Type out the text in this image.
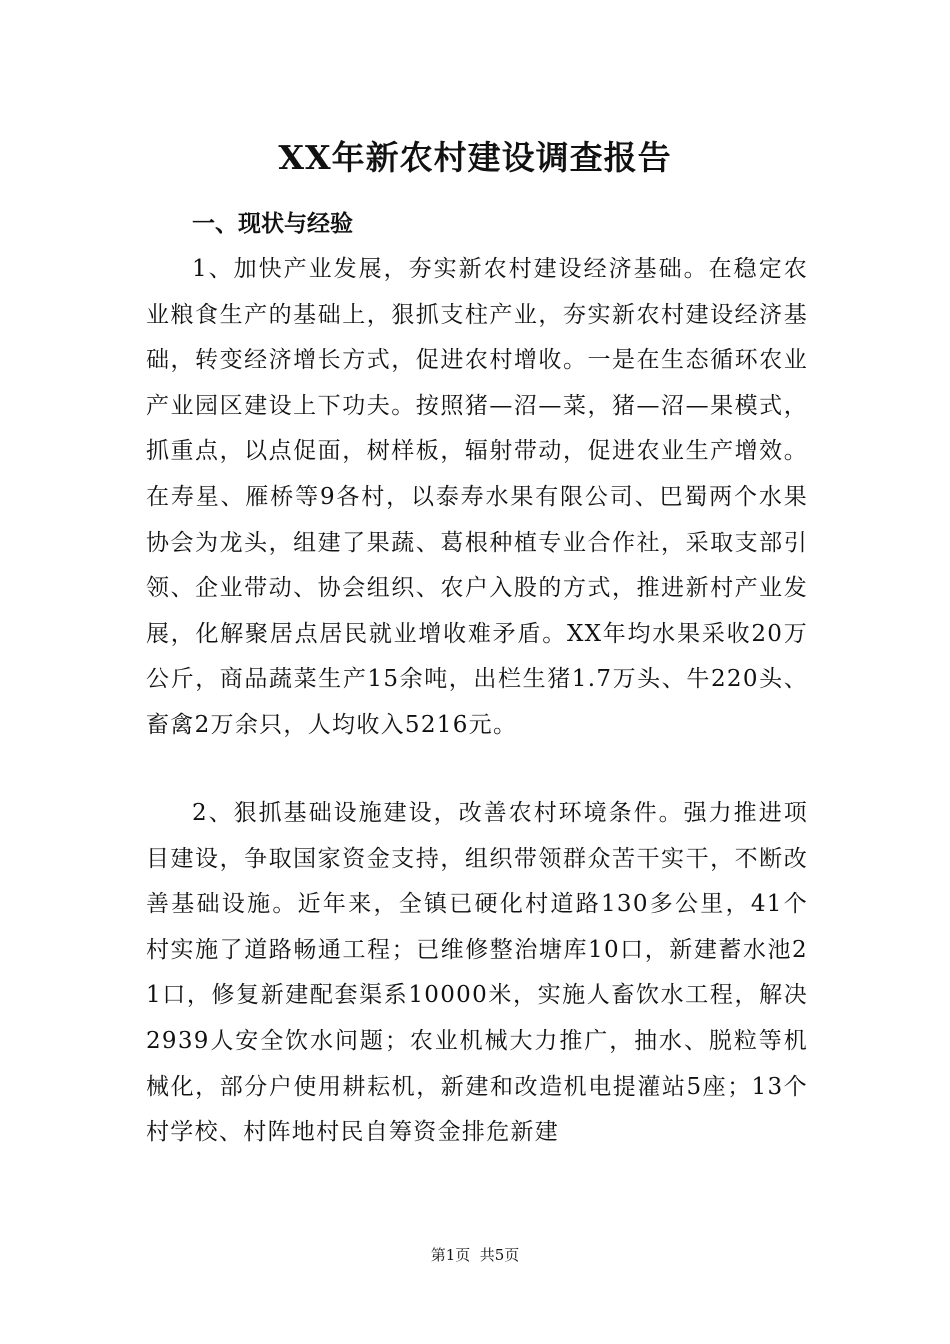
XX年新农村建设调查报告
一、现状与经验

1、加快产业发展，夯实新农村建设经济基础。在稳定农业粮食生产的基础上，狠抓支柱产业，夯实新农村建设经济基础，转变经济增长方式，促进农村增收。一是在生态循环农业产业园区建设上下功夫。按照猪—沼—菜，猪—沼—果模式，抓重点，以点促面，树样板，辐射带动，促进农业生产增效。在寿星、雁桥等9各村，以泰寿水果有限公司、巴蜀两个水果协会为龙头，组建了果蔬、葛根种植专业合作社，采取支部引领、企业带动、协会组织、农户入股的方式，推进新村产业发展，化解聚居点居民就业增收难矛盾。XX年均水果采收20万公斤，商品蔬菜生产15余吨，出栏生猪1.7万头、牛220头、畜禽2万余只，人均收入5216元。

2、狠抓基础设施建设，改善农村环境条件。强力推进项目建设，争取国家资金支持，组织带领群众苦干实干，不断改善基础设施。近年来，全镇已硬化村道路130多公里，41个村实施了道路畅通工程；已维修整治塘库10口，新建蓄水池21口，修复新建配套渠系10000米，实施人畜饮水工程，解决2939人安全饮水问题；农业机械大力推广，抽水、脱粒等机械化，部分户使用耕耘机，新建和改造机电提灌站5座；13个村学校、村阵地村民自筹资金排危新建

第1页  共5页
